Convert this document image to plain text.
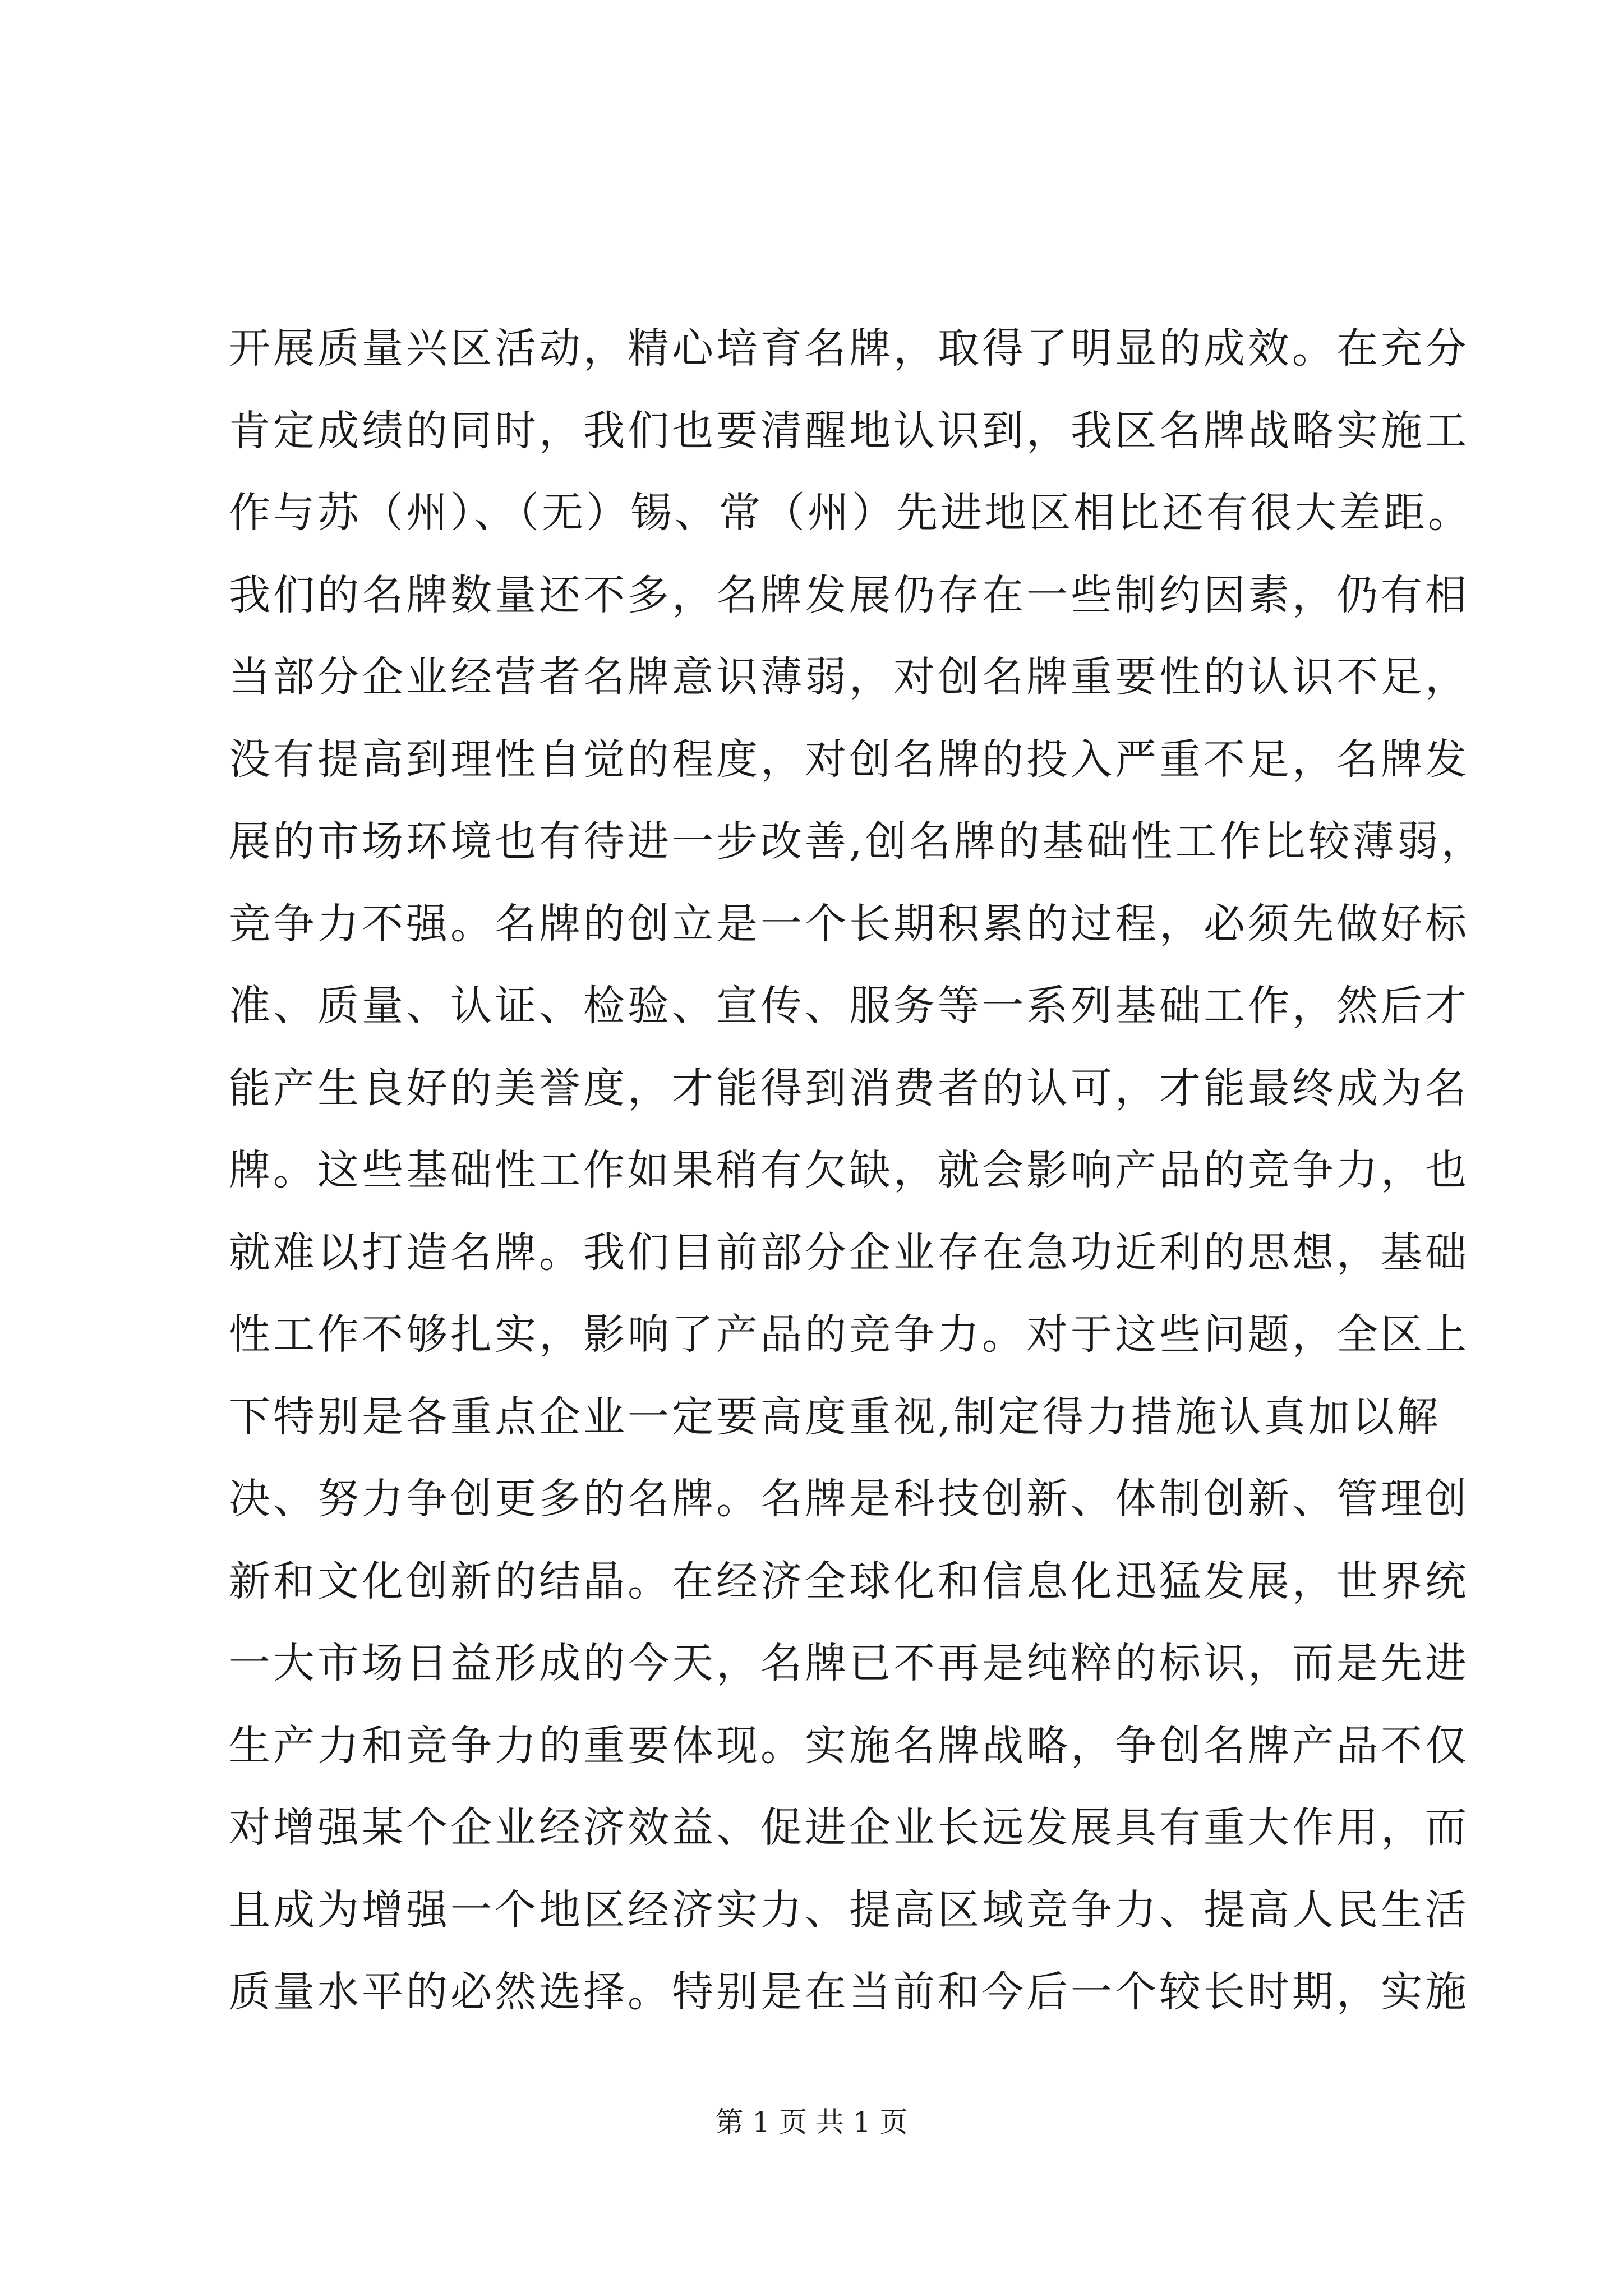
开展质量兴区活动，精心培育名牌，取得了明显的成效。在充分
肯定成绩的同时，我们也要清醒地认识到，我区名牌战略实施工
作与苏（州）、（无）锡、常（州）先进地区相比还有很大差距。
我们的名牌数量还不多，名牌发展仍存在一些制约因素，仍有相
当部分企业经营者名牌意识薄弱，对创名牌重要性的认识不足，
没有提高到理性自觉的程度，对创名牌的投入严重不足，名牌发
展的市场环境也有待进一步改善,创名牌的基础性工作比较薄弱，
竞争力不强。名牌的创立是一个长期积累的过程，必须先做好标
准、质量、认证、检验、宣传、服务等一系列基础工作，然后才
能产生良好的美誉度，才能得到消费者的认可，才能最终成为名
牌。这些基础性工作如果稍有欠缺，就会影响产品的竞争力，也
就难以打造名牌。我们目前部分企业存在急功近利的思想，基础
性工作不够扎实，影响了产品的竞争力。对于这些问题，全区上
下特别是各重点企业一定要高度重视,制定得力措施认真加以解
决、努力争创更多的名牌。名牌是科技创新、体制创新、管理创
新和文化创新的结晶。在经济全球化和信息化迅猛发展，世界统
一大市场日益形成的今天，名牌已不再是纯粹的标识，而是先进
生产力和竞争力的重要体现。实施名牌战略，争创名牌产品不仅
对增强某个企业经济效益、促进企业长远发展具有重大作用，而
且成为增强一个地区经济实力、提高区域竞争力、提高人民生活
质量水平的必然选择。特别是在当前和今后一个较长时期，实施
第 1 页 共 1 页
